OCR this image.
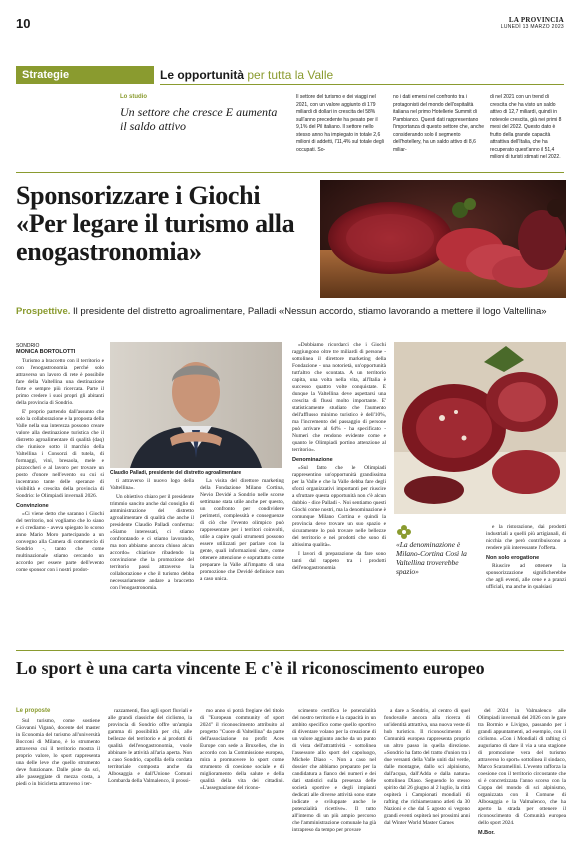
10	LA PROVINCIA
LUNEDÌ 13 MARZO 2023
Strategie	Le opportunità per tutta la Valle
Lo studio
Un settore che cresce E aumenta il saldo attivo
Il settore del turismo e dei viaggi nel 2021, con un valore aggiunto di 179 miliardi di dollari in crescita del 58% sull'anno precedente ha pesato per il 9,1% del Pil italiano. Il settore nello stesso anno ha impiegato in totale 2,6 milioni di addetti, l'11,4% sul totale degli occupati. So-
no i dati emersi nel confronto tra i protagonisti del mondo dell'ospitalità italiana nel primo Hotellerie Summit di Pambianco. Questi dati rappresentano l'importanza di questo settore che, anche considerando solo il segmento dell'hotellery, ha un saldo attivo di 8,6 miliar-
di nel 2021 con un trend di crescita che ha visto un saldo attivo di 12,7 miliardi, quindi in notevole crescita, già nei primi 8 mesi del 2022. Questo dato è frutto della grande capacità attrattiva dell'Italia, che ha recuperato quest'anno il 51,4 milioni di turisti stimati nel 2022.
Sponsorizzare i Giochi «Per legare il turismo alla enogastronomia»
Prospettive. Il presidente del distretto agroalimentare, Palladi «Nessun accordo, stiamo lavorando a mettere il logo Valtellina»
SONDRIO
MONICA BORTOLOTTI

Turismo a braccetto con il territorio e con l'enogastronomia perché solo attraverso un lavoro di rete è possibile fare della Valtellina una destinazione forte e sempre più ricercata. Parte il primo credere i suoi propri gli abitanti della provincia di Sondrio.

E' proprio partendo dall'assunto che solo la collaborazione e la proposta della Valle nella sua interezza possono creare valore alla destinazione turistica che il distretto agroalimentare di qualità (daq) che riunisce sotto il marchio della Valtellina i Consorzi di tutela, di formaggi, vini, bresaola, mele e pizzoccheri e al lavoro per trovare un posto d'onore nell'evento su cui si incentrano tante delle speranze di visibilità e crescita della provincia di Sondrio: le Olimpiadi invernali 2026.

Convinzione

«Ci viene detto che saranno i Giochi del territorio, noi vogliamo che lo siano e ci crediamo - aveva spiegato lo scorso anno Mario Moro partecipando a un convegno alla Camera di commercio di Sondrio -, tanto che come multinazionale stiamo cercando un accordo per essere parte dell'evento come sponsor con i nostri prodot-

Claudio Palladi, presidente del distretto agroalimentare

ti attraverso il nuovo logo della Valtellina».

Un obiettivo chiaro per il presidente trimmio sancito anche dal consiglio di amministrazione del distretto agroalimentare di qualità che anche il presidente Claudio Palladi conferma: «Siamo interessati, ci stiamo confrontando e ci stiamo lavorando, ma non abbiamo ancora chiuso alcun accordo» chiarisce ribadendo la convinzione che la promozione del territorio passi attraverso la collaborazione e che il turismo debba necessariamente andare a braccetto con l'enogastronomia.

La visita del direttore marketing della Fondazione Milano Cortina, Nevio Devidé a Sondrio nelle scorse settimane stata utile anche per questo, un confronto per condividere perimetri, complessità e conseguenze di ciò che l'evento olimpico può rappresentare per i territori coinvolti, utile a capire quali strumenti possono essere utilizzati per parlare con la gente, quali informazioni dare, come ottenere attenzione e soprattutto come preparare la Valle all'impatto di una promozione che Devidé definisce non a caso unica.

«Dobbiamo ricordarci che i Giochi raggiungono oltre tre miliardi di persone - sottolinea il direttore marketing della Fondazione - una notorietà, un'opportunità tutt'altro che scontata. A un territorio capita, una volta nella vita, all'Italia è successo quattro volte conquistate. E dunque la Valtellina deve aspettarsi una crescita di flussi molto importante. E' statisticamente studiato che l'aumento dell'afflusso minimo turistico è dell'10%, ma l'incremento del passaggio di persone può arrivare al 64% - ha specificato - Numeri che rendono evidente come e quanto le Olimpiadi portino attenzione al territorio».

Denominazione

«Sul fatto che le Olimpiadi rappresentino un'opportunità grandissima per la Valle e che la Valle debba fare degli sforzi organizzativi importanti per riuscire a sfruttare questa opportunità non c'è alcun dubbio - dice Palladi -. Noi sentiamo questi Giochi come nostri, ma la denominazione è comunque Milano Cortina e quindi la provincia deve trovare un suo spazio e sicuramente lo può trovare nelle bellezze del territorio e nei prodotti che sono di altissima qualità».

I lavori di preparazione da fare sono tanti dal tappeto tra i prodotti dell'enogastronomia

«La denominazione è Milano-Cortina Così la Valtellina troverebbe spazio»

e la ristorazione, dai prodotti industriali a quelli più artigianali, di nicchia che però contribuiscono a rendere più interessante l'offerta.

Non solo erogatione

Riuscire ad ottenere la sponsorizzazione significherebbe che agli eventi, alle cene e a pranzi ufficiali, ma anche in qualsiasi

Lo sport è una carta vincente E c'è il riconoscimento europeo
Le proposte

Sul turismo, come sostiene Giovanni Viganò, docente del master in Economia del turismo all'università Bocconi di Milano, è lo strumento attraverso cui il territorio mostra il proprio valore, lo sport rappresenta una delle leve che quello strumento deve funzionare. Dalle piste da sci, alle passeggiate di mezza costa, a piedi o in bicicletta attraverso i ter-

razzamenti, fino agli sport fluviali e alle grandi classiche del ciclismo, la provincia di Sondrio offre un'ampia gamma di possibilità per chi, alle bellezze del territorio e ai prodotti di qualità dell'enogastronomia, vuole abbinare le attività all'aria aperta. Non a caso Sondrio, capofila della cordata territoriale composta anche da Albosaggia e dall'Unione Comuni Lombarda della Valmalenco, il prossi-

mo anno si potrà fregiare del titolo di "European community of sport 2024" il riconoscimento attribuito al progetto "Cuore di Valtellina" da parte dell'associazione no profit Aces Europe con sede a Bruxelles, che in accordo con la Commissione europea, mira a promuovere lo sport come strumento di coesione sociale e di miglioramento della salute e della qualità della vita dei cittadini. «L'assegnazione del ricono-

scimento certifica le potenzialità del nostro territorio e la capacità in un ambito specifico come quello sportivo di diventare volano per la creazione di un valore aggiunto anche da un punto di vista dell'attrattività - sottolinea l'assessore allo sport del capoluogo, Michele Diaso -. Non a caso nel dossier che abbiamo preparato per la candidatura a fianco dei numeri e dei dati statistici sulla presenza delle società sportive e degli impianti dedicati alle diverse attività sono state indicate e sviluppate anche le potenzialità ricettive». Il tutto all'interno di un più ampio percorso che l'amministrazione comunale ha già intrapreso da tempo per provare

a dare a Sondrio, al centro di quel fondovalle ancora alla ricerca di un'identità attrattiva, una nuova veste di hub turistico. Il riconoscimento di Comunità europea rappresenta proprio un altro passo in quella direzione. «Sondrio ha fatto del tratto d'union tra i due versanti della Valle uniti dal verde, dalle montagne, dallo sci alpinismo, dall'acqua, dall'Adda e dalla natura» sottolinea Diaso. Seguendo lo stesso spirito dal 26 giugno al 2 luglio, la città ospiterà i Campionati mondiali di rafting che richiameranno atleti da 30 Nazioni e che dal 5 agosto si vegono grandi eventi ospiterà nei prossimi anni dal Winter World Master Games

del 2024 in Valmalenco alle Olimpiadi invernali del 2026 con le gare tra Bormio e Livigno, passando per i grandi appuntamenti, ad esempio, con il ciclismo. «Con i Mondiali di rafting ci auguriamo di dare il via a una stagione di promozione vera del turismo attraverso lo sport» sottolinea il sindaco, Marco Scaramellini. L'evento rafforza la coesione con il territorio circostante che si è concretizzata l'anno scorso con la Coppa del mondo di sci alpinismo, organizzata con il Comune di Albosaggia e la Valmalenco, che ha aperto la strada per ottenere il riconoscimento di Comunità europea dello sport 2024.

M.Bor.
